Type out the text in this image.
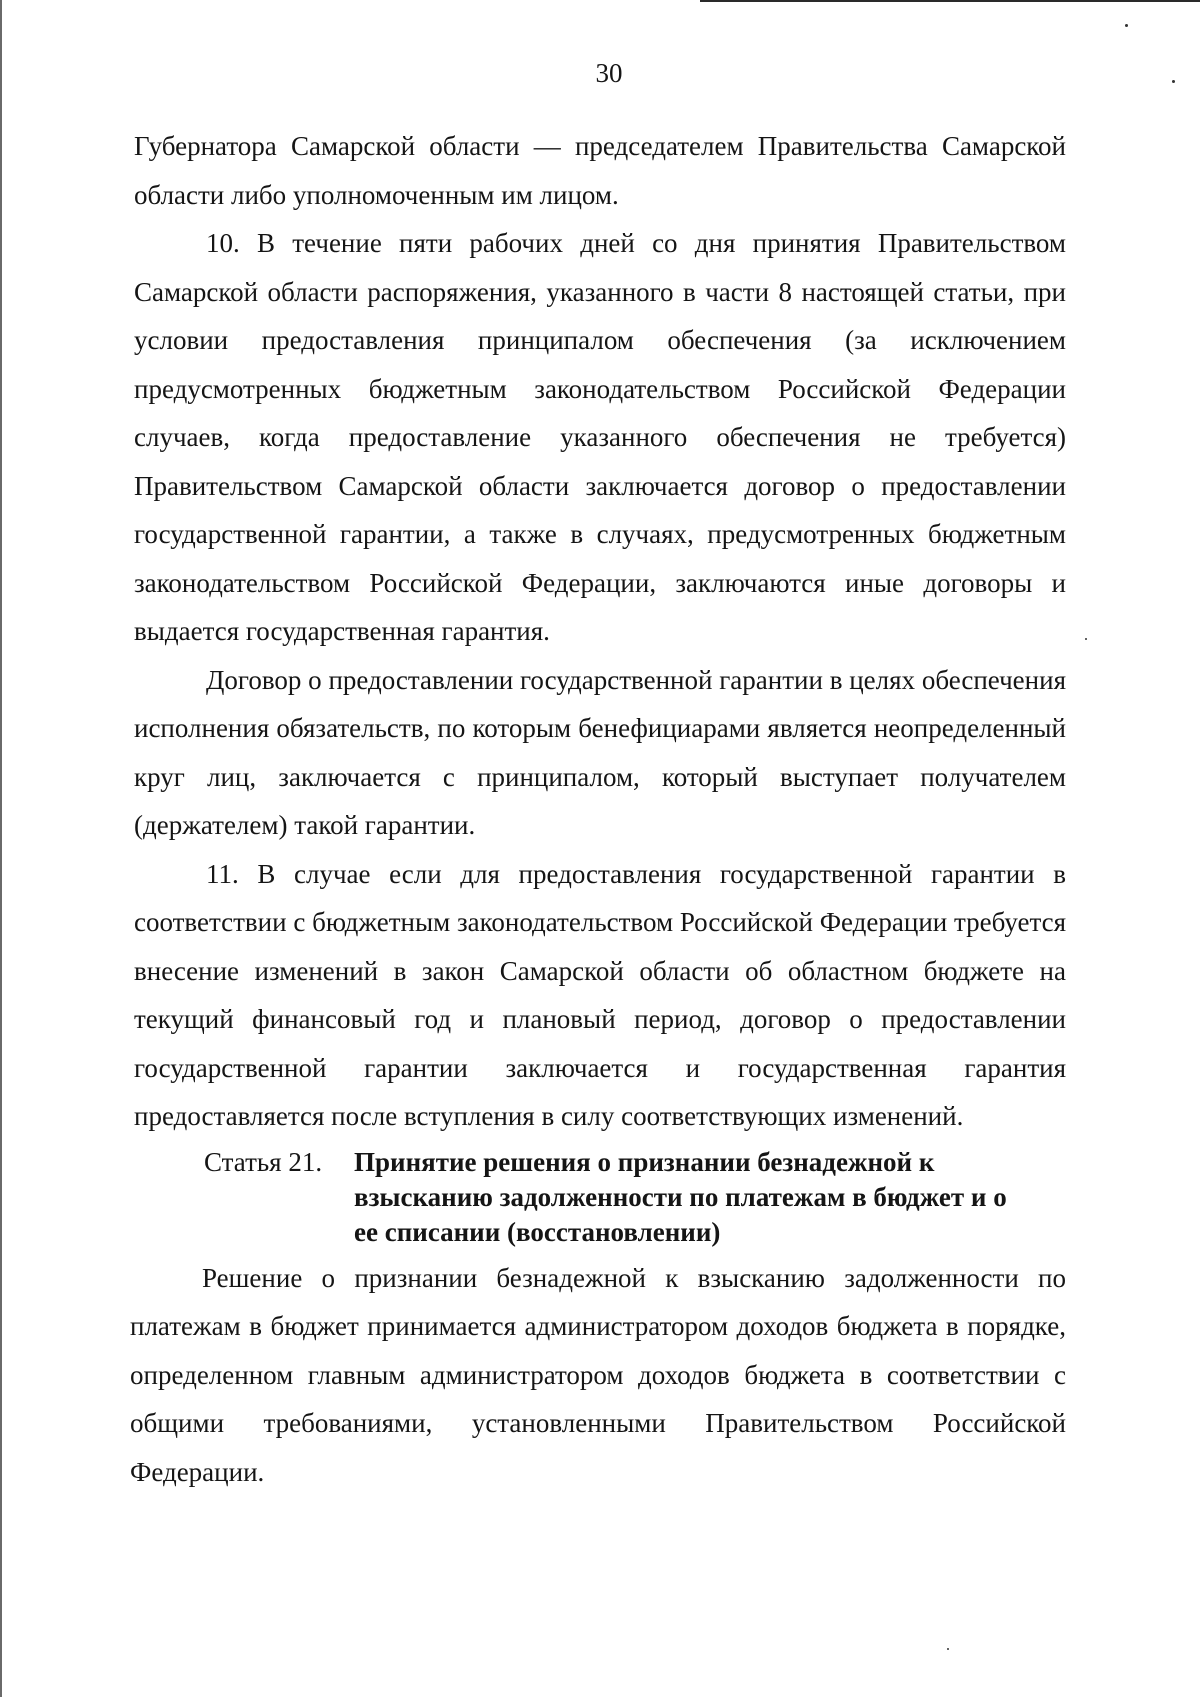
30

Губернатора Самарской области — председателем Правительства Самарской области либо уполномоченным им лицом.

10. В течение пяти рабочих дней со дня принятия Правительством Самарской области распоряжения, указанного в части 8 настоящей статьи, при условии предоставления принципалом обеспечения (за исключением предусмотренных бюджетным законодательством Российской Федерации случаев, когда предоставление указанного обеспечения не требуется) Правительством Самарской области заключается договор о предоставлении государственной гарантии, а также в случаях, предусмотренных бюджетным законодательством Российской Федерации, заключаются иные договоры и выдается государственная гарантия.

Договор о предоставлении государственной гарантии в целях обеспечения исполнения обязательств, по которым бенефициарами является неопределенный круг лиц, заключается с принципалом, который выступает получателем (держателем) такой гарантии.

11. В случае если для предоставления государственной гарантии в соответствии с бюджетным законодательством Российской Федерации требуется внесение изменений в закон Самарской области об областном бюджете на текущий финансовый год и плановый период, договор о предоставлении государственной гарантии заключается и государственная гарантия предоставляется после вступления в силу соответствующих изменений.

Статья 21.	Принятие решения о признании безнадежной к взысканию задолженности по платежам в бюджет и о ее списании (восстановлении)

Решение о признании безнадежной к взысканию задолженности по платежам в бюджет принимается администратором доходов бюджета в порядке, определенном главным администратором доходов бюджета в соответствии с общими требованиями, установленными Правительством Российской Федерации.
